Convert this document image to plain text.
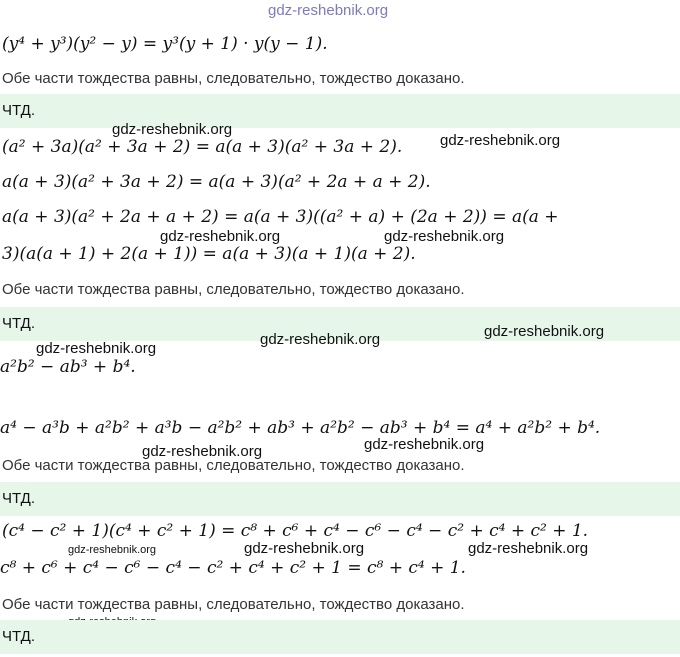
gdz-reshebnik.org
(y⁴ + y³)(y² − y) = y³(y + 1) · y(y − 1).
Обе части тождества равны, следовательно, тождество доказано.
ЧТД.
gdz-reshebnik.org
(a² + 3a)(a² + 3a + 2) = a(a + 3)(a² + 3a + 2).	gdz-reshebnik.org
a(a + 3)(a² + 3a + 2) = a(a + 3)(a² + 2a + a + 2).
a(a + 3)(a² + 2a + a + 2) = a(a + 3)((a² + a) + (2a + 2)) = a(a +
gdz-reshebnik.org	gdz-reshebnik.org
3)(a(a + 1) + 2(a + 1)) = a(a + 3)(a + 1)(a + 2).
Обе части тождества равны, следовательно, тождество доказано.
ЧТД.	gdz-reshebnik.org
gdz-reshebnik.org
gdz-reshebnik.org
a²b² − ab³ + b⁴.
a⁴ − a³b + a²b² + a³b − a²b² + ab³ + a²b² − ab³ + b⁴ = a⁴ + a²b² + b⁴.
gdz-reshebnik.org
gdz-reshebnik.org
Обе части тождества равны, следовательно, тождество доказано.
ЧТД.
(c⁴ − c² + 1)(c⁴ + c² + 1) = c⁸ + c⁶ + c⁴ − c⁶ − c⁴ − c² + c⁴ + c² + 1.
gdz-reshebnik.org	gdz-reshebnik.org	gdz-reshebnik.org
c⁸ + c⁶ + c⁴ − c⁶ − c⁴ − c² + c⁴ + c² + 1 = c⁸ + c⁴ + 1.
Обе части тождества равны, следовательно, тождество доказано.
ЧТД.
